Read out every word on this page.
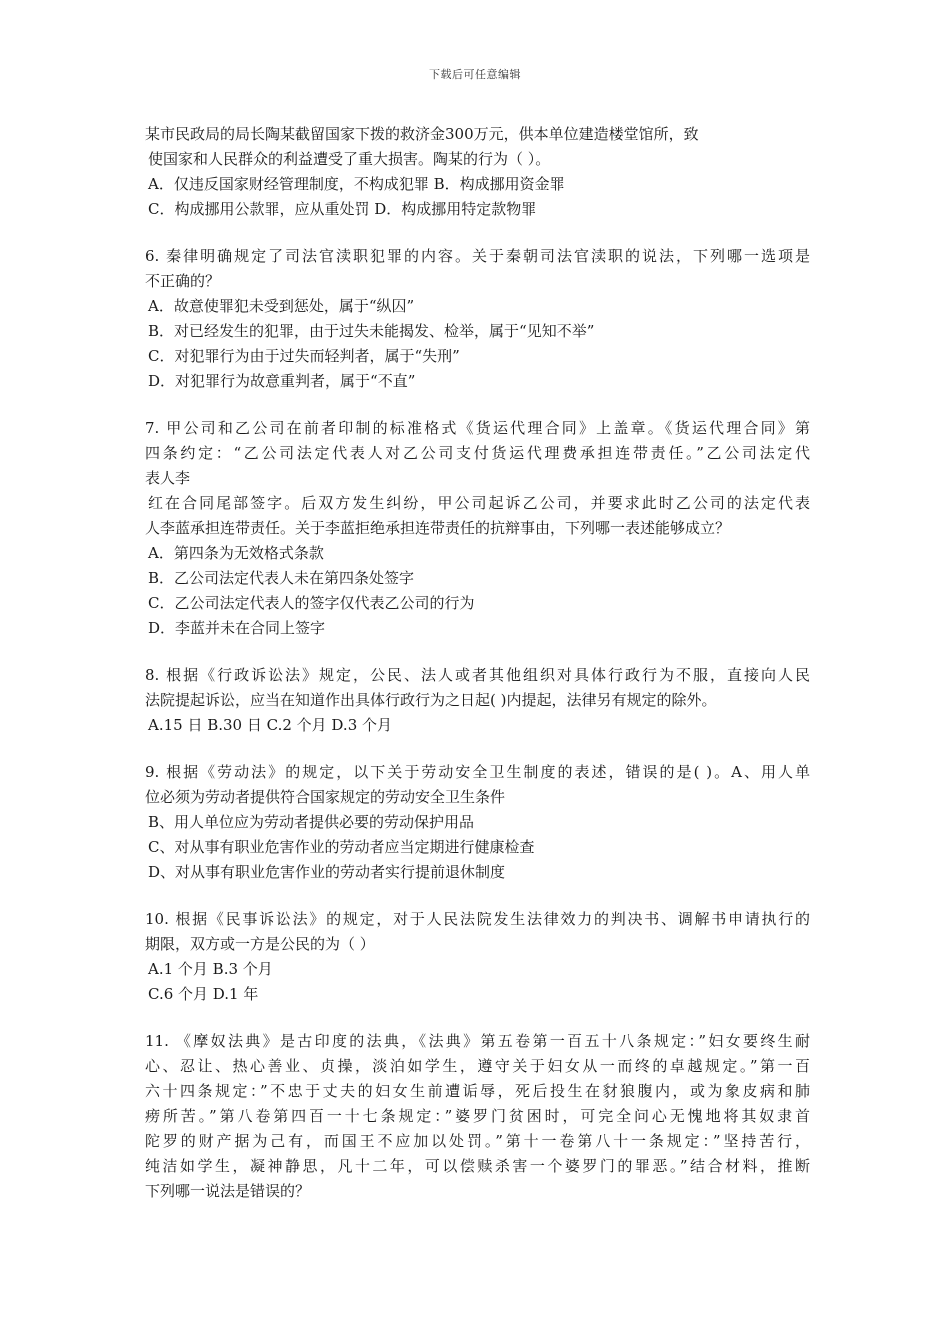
下载后可任意编辑
某市民政局的局长陶某截留国家下拨的救济金300万元，供本单位建造楼堂馆所，致
使国家和人民群众的利益遭受了重大损害。陶某的行为（ ）。
A．仅违反国家财经管理制度，不构成犯罪 B．构成挪用资金罪
C．构成挪用公款罪，应从重处罚 D．构成挪用特定款物罪
6. 秦律明确规定了司法官渎职犯罪的内容。关于秦朝司法官渎职的说法，下列哪一选项是
不正确的？
A．故意使罪犯未受到惩处，属于“纵囚”
B．对已经发生的犯罪，由于过失未能揭发、检举，属于“见知不举”
C．对犯罪行为由于过失而轻判者，属于“失刑”
D．对犯罪行为故意重判者，属于“不直”
7. 甲公司和乙公司在前者印制的标准格式《货运代理合同》上盖章。《货运代理合同》第
四条约定：“乙公司法定代表人对乙公司支付货运代理费承担连带责任。”乙公司法定代
表人李
红在合同尾部签字。后双方发生纠纷，甲公司起诉乙公司，并要求此时乙公司的法定代表
人李蓝承担连带责任。关于李蓝拒绝承担连带责任的抗辩事由，下列哪一表述能够成立？
A．第四条为无效格式条款
B．乙公司法定代表人未在第四条处签字
C．乙公司法定代表人的签字仅代表乙公司的行为
D．李蓝并未在合同上签字
8. 根据《行政诉讼法》规定，公民、法人或者其他组织对具体行政行为不服，直接向人民
法院提起诉讼，应当在知道作出具体行政行为之日起( )内提起，法律另有规定的除外。
A.15 日 B.30 日 C.2 个月 D.3 个月
9. 根据《劳动法》的规定，以下关于劳动安全卫生制度的表述，错误的是( )。A、用人单
位必须为劳动者提供符合国家规定的劳动安全卫生条件
B、用人单位应为劳动者提供必要的劳动保护用品
C、对从事有职业危害作业的劳动者应当定期进行健康检查
D、对从事有职业危害作业的劳动者实行提前退休制度
10. 根据《民事诉讼法》的规定，对于人民法院发生法律效力的判决书、调解书申请执行的
期限，双方或一方是公民的为（ ）
A.1 个月 B.3 个月
C.6 个月 D.1 年
11. 《摩奴法典》是古印度的法典，《法典》第五卷第一百五十八条规定：”妇女要终生耐
心、忍让、热心善业、贞操，淡泊如学生，遵守关于妇女从一而终的卓越规定。”第一百
六十四条规定：”不忠于丈夫的妇女生前遭诟辱，死后投生在豺狼腹内，或为象皮病和肺
痨所苦。”第八卷第四百一十七条规定：”婆罗门贫困时，可完全问心无愧地将其奴隶首
陀罗的财产据为己有，而国王不应加以处罚。”第十一卷第八十一条规定：”坚持苦行，
纯洁如学生，凝神静思，凡十二年，可以偿赎杀害一个婆罗门的罪恶。”结合材料，推断
下列哪一说法是错误的？
